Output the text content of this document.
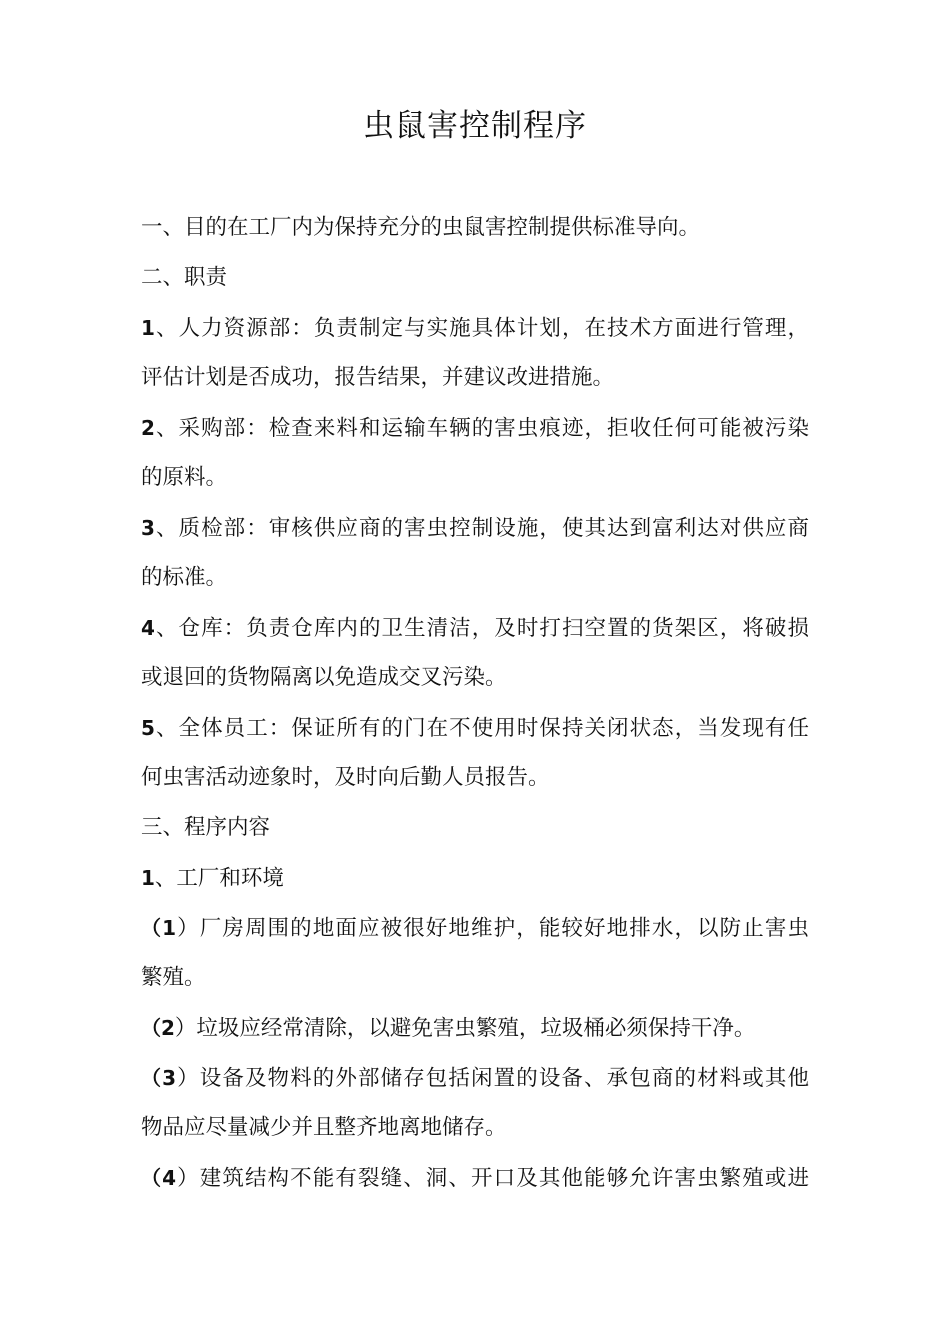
虫鼠害控制程序

一、目的在工厂内为保持充分的虫鼠害控制提供标准导向。

二、职责

1、人力资源部：负责制定与实施具体计划，在技术方面进行管理，

评估计划是否成功，报告结果，并建议改进措施。

2、采购部：检查来料和运输车辆的害虫痕迹，拒收任何可能被污染

的原料。

3、质检部：审核供应商的害虫控制设施，使其达到富利达对供应商

的标准。

4、仓库：负责仓库内的卫生清洁，及时打扫空置的货架区，将破损

或退回的货物隔离以免造成交叉污染。

5、全体员工：保证所有的门在不使用时保持关闭状态，当发现有任

何虫害活动迹象时，及时向后勤人员报告。

三、程序内容

1、工厂和环境

（1）厂房周围的地面应被很好地维护，能较好地排水，以防止害虫

繁殖。

（2）垃圾应经常清除，以避免害虫繁殖，垃圾桶必须保持干净。

（3）设备及物料的外部储存包括闲置的设备、承包商的材料或其他

物品应尽量减少并且整齐地离地储存。

（4）建筑结构不能有裂缝、洞、开口及其他能够允许害虫繁殖或进
